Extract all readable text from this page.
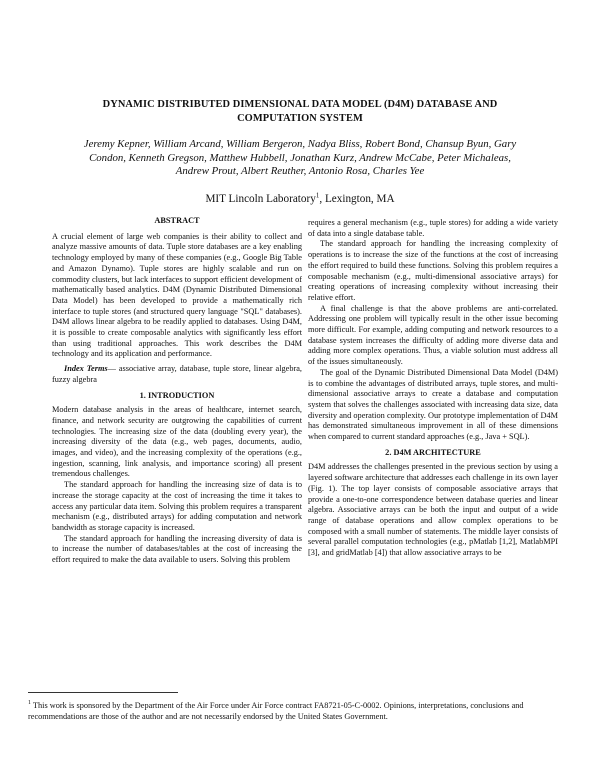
DYNAMIC DISTRIBUTED DIMENSIONAL DATA MODEL (D4M) DATABASE AND
COMPUTATION SYSTEM
Jeremy Kepner, William Arcand, William Bergeron, Nadya Bliss, Robert Bond, Chansup Byun, Gary
Condon, Kenneth Gregson, Matthew Hubbell, Jonathan Kurz, Andrew McCabe, Peter Michaleas,
Andrew Prout, Albert Reuther, Antonio Rosa, Charles Yee
MIT Lincoln Laboratory$^1$, Lexington, MA
ABSTRACT

A crucial element of large web companies is their ability to collect and analyze massive amounts of data. Tuple store databases are a key enabling technology employed by many of these companies (e.g., Google Big Table and Amazon Dynamo). Tuple stores are highly scalable and run on commodity clusters, but lack interfaces to support efficient development of mathematically based analytics. D4M (Dynamic Distributed Dimensional Data Model) has been developed to provide a mathematically rich interface to tuple stores (and structured query language "SQL" databases). D4M allows linear algebra to be readily applied to databases. Using D4M, it is possible to create composable analytics with significantly less effort than using traditional approaches. This work describes the D4M technology and its application and performance.

Index Terms— associative array, database, tuple store, linear algebra, fuzzy algebra

1. INTRODUCTION

Modern database analysis in the areas of healthcare, internet search, finance, and network security are outgrowing the capabilities of current technologies. The increasing size of the data (doubling every year), the increasing diversity of the data (e.g., web pages, documents, audio, images, and video), and the increasing complexity of the operations (e.g., ingestion, scanning, link analysis, and importance scoring) all present tremendous challenges.

The standard approach for handling the increasing size of data is to increase the storage capacity at the cost of increasing the time it takes to access any particular data item. Solving this problem requires a transparent mechanism (e.g., distributed arrays) for adding computation and network bandwidth as storage capacity is increased.

The standard approach for handling the increasing diversity of data is to increase the number of databases/tables at the cost of increasing the effort required to make the data available to users. Solving this problem

requires a general mechanism (e.g., tuple stores) for adding a wide variety of data into a single database table.

The standard approach for handling the increasing complexity of operations is to increase the size of the functions at the cost of increasing the effort required to build these functions. Solving this problem requires a composable mechanism (e.g., multi-dimensional associative arrays) for creating operations of increasing complexity without increasing their relative effort.

A final challenge is that the above problems are anti-correlated. Addressing one problem will typically result in the other issue becoming more difficult. For example, adding computing and network resources to a database system increases the difficulty of adding more diverse data and adding more complex operations. Thus, a viable solution must address all of the issues simultaneously.

The goal of the Dynamic Distributed Dimensional Data Model (D4M) is to combine the advantages of distributed arrays, tuple stores, and multi-dimensional associative arrays to create a database and computation system that solves the challenges associated with increasing data size, data diversity and operation complexity. Our prototype implementation of D4M has demonstrated simultaneous improvement in all of these dimensions when compared to current standard approaches (e.g., Java + SQL).

2. D4M ARCHITECTURE

D4M addresses the challenges presented in the previous section by using a layered software architecture that addresses each challenge in its own layer (Fig. 1). The top layer consists of composable associative arrays that provide a one-to-one correspondence between database queries and linear algebra. Associative arrays can be both the input and output of a wide range of database operations and allow complex operations to be composed with a small number of statements. The middle layer consists of several parallel computation technologies (e.g., pMatlab [1,2], MatlabMPI [3], and gridMatlab [4]) that allow associative arrays to be

$^1$ This work is sponsored by the Department of the Air Force under Air Force contract FA8721-05-C-0002. Opinions, interpretations, conclusions and recommendations are those of the author and are not necessarily endorsed by the United States Government.
